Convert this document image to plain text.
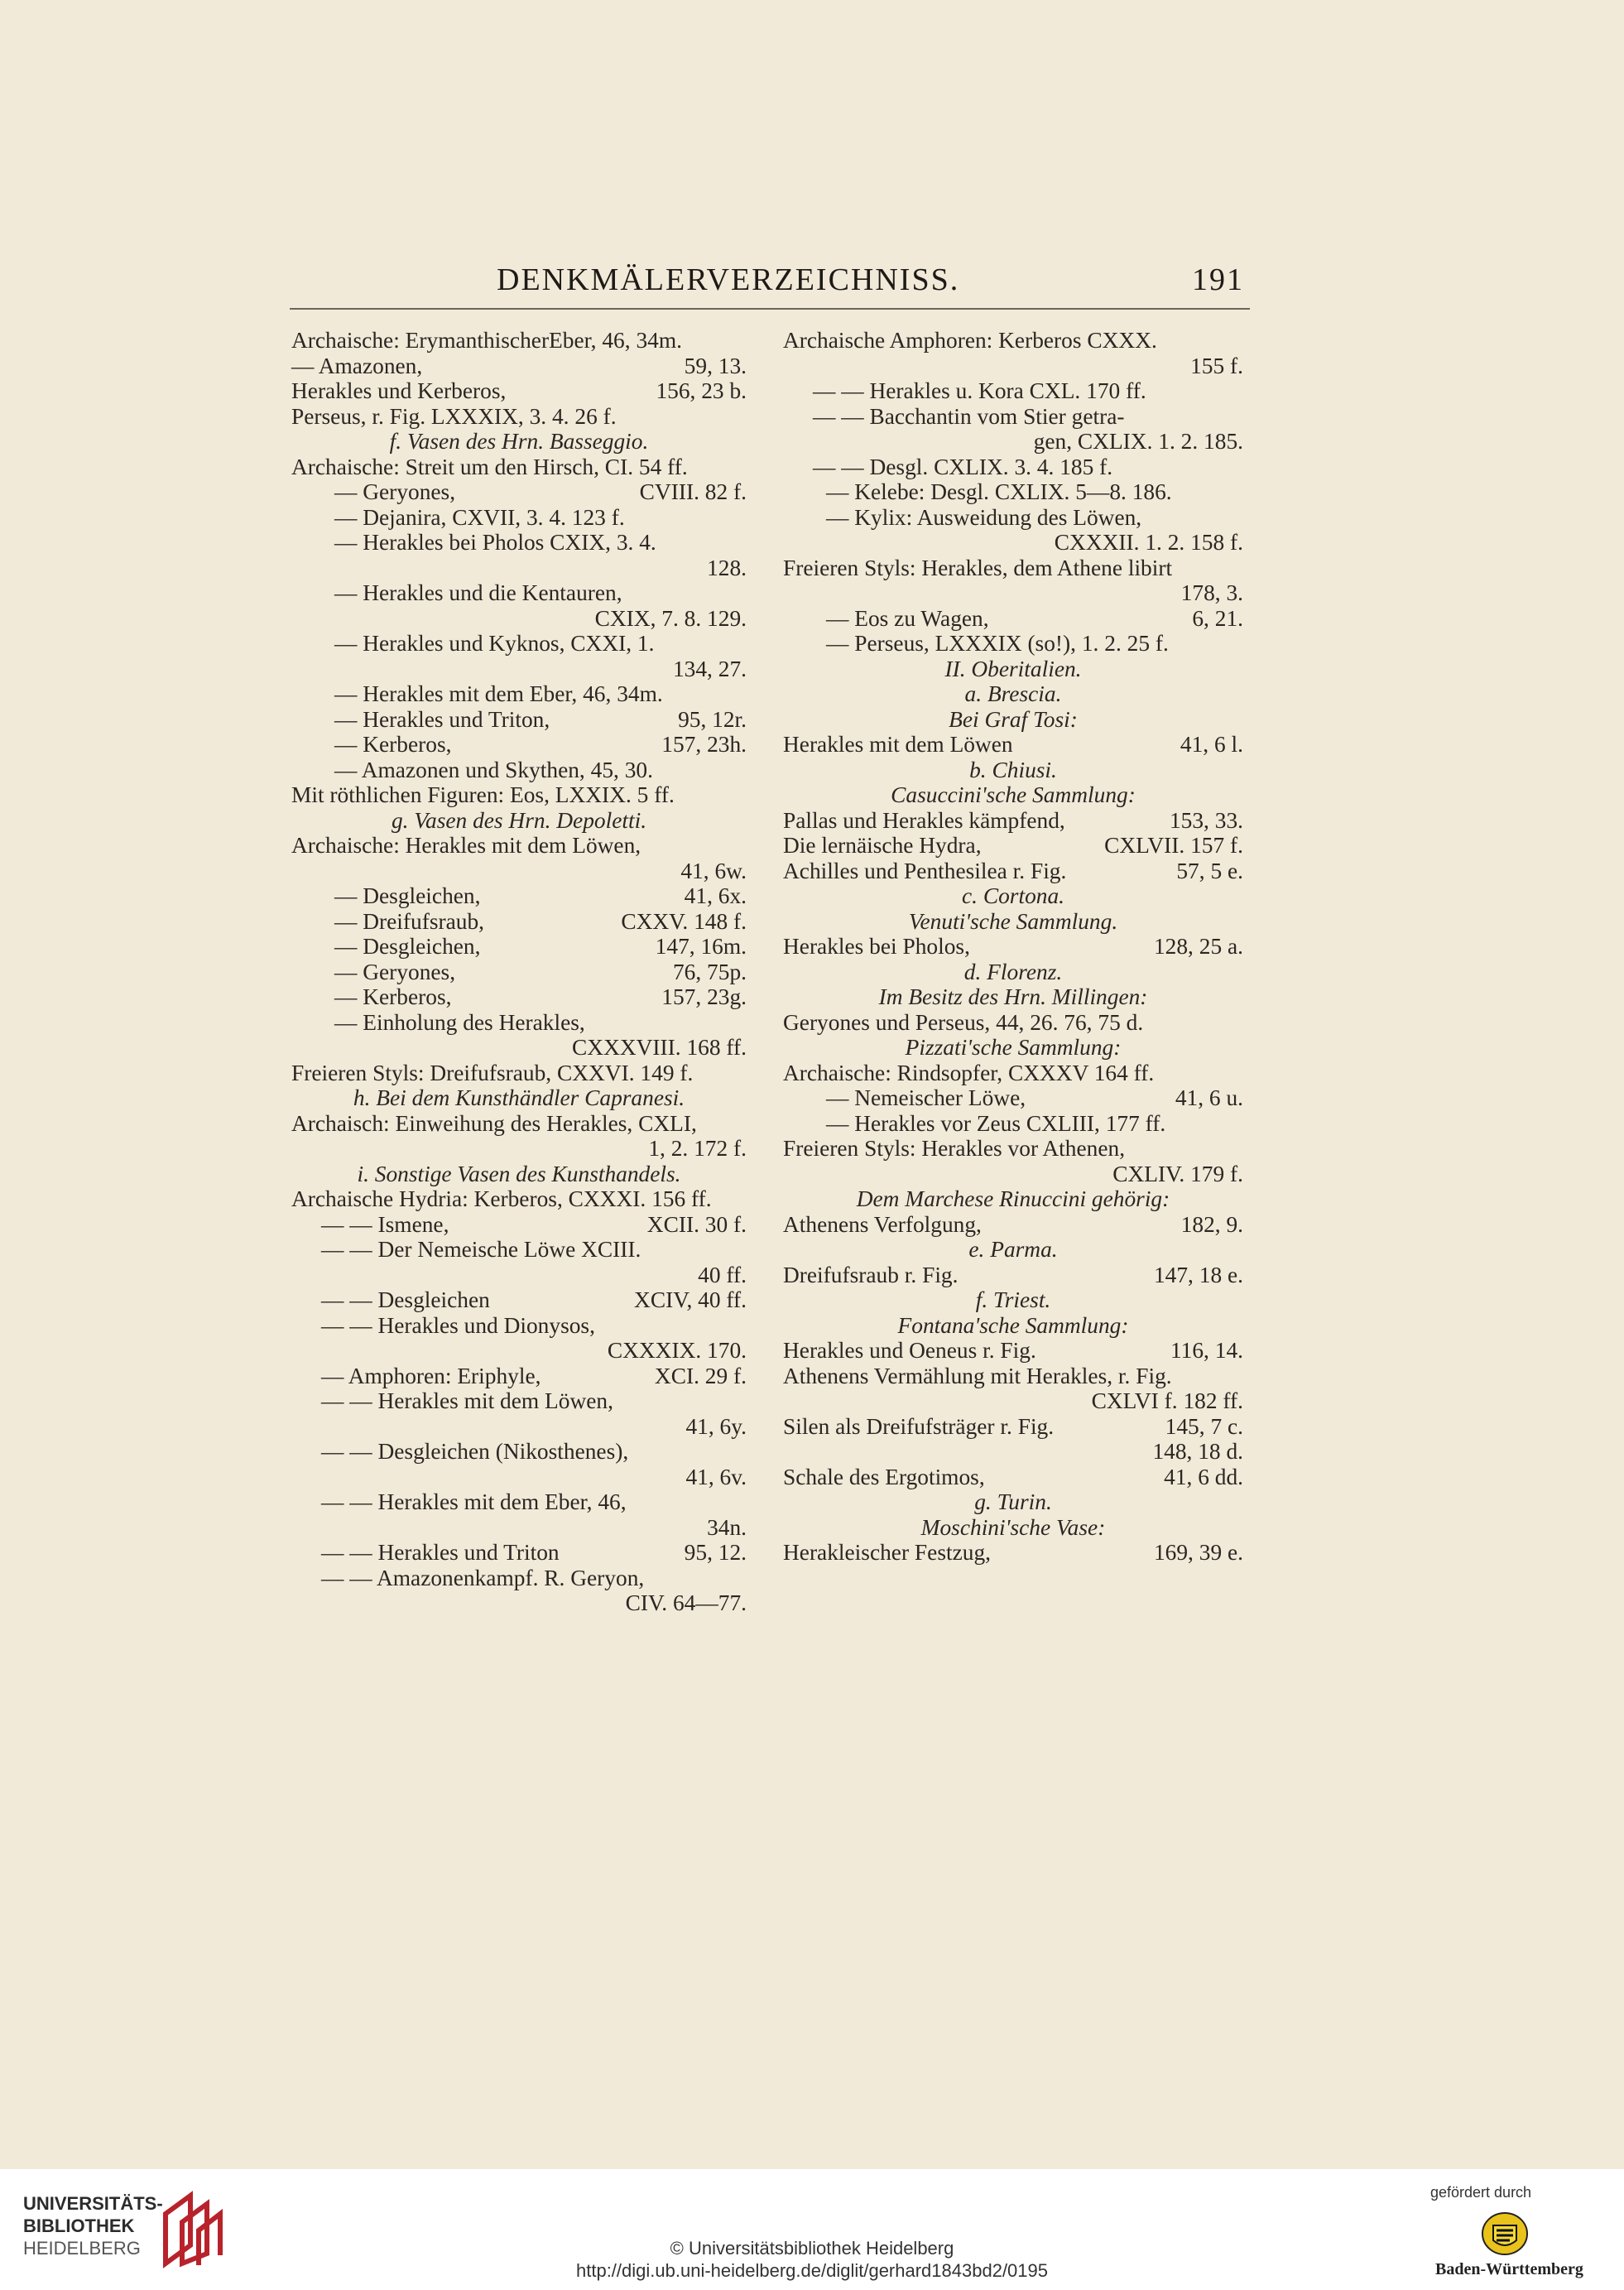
DENKMÄLERVERZEICHNISS.	191
Archaische: ErymanthischerEber, 46, 34m.
— Amazonen,	59, 13.
Herakles und Kerberos,	156, 23 b.
Perseus, r. Fig. LXXXIX, 3. 4. 26 f.
f. Vasen des Hrn. Basseggio.
Archaische: Streit um den Hirsch, CI. 54 ff.
— Geryones,	CVIII. 82 f.
— Dejanira, CXVII, 3. 4. 123 f.
— Herakles bei Pholos CXIX, 3. 4.
128.
— Herakles und die Kentauren,
CXIX, 7. 8. 129.
— Herakles und Kyknos, CXXI, 1.
134, 27.
— Herakles mit dem Eber, 46, 34m.
— Herakles und Triton,	95, 12r.
— Kerberos,	157, 23h.
— Amazonen und Skythen, 45, 30.
Mit röthlichen Figuren: Eos, LXXIX. 5 ff.
g. Vasen des Hrn. Depoletti.
Archaische: Herakles mit dem Löwen,
41, 6w.
— Desgleichen,	41, 6x.
— Dreifufsraub,	CXXV. 148 f.
— Desgleichen,	147, 16m.
— Geryones,	76, 75p.
— Kerberos,	157, 23g.
— Einholung des Herakles,
CXXXVIII. 168 ff.
Freieren Styls: Dreifufsraub, CXXVI. 149 f.
h. Bei dem Kunsthändler Capranesi.
Archaisch: Einweihung des Herakles, CXLI,
1, 2. 172 f.
i. Sonstige Vasen des Kunsthandels.
Archaische Hydria: Kerberos, CXXXI. 156 ff.
— — Ismene,	XCII. 30 f.
— — Der Nemeische Löwe XCIII.
40 ff.
— — Desgleichen	XCIV, 40 ff.
— — Herakles und Dionysos,
CXXXIX. 170.
— Amphoren: Eriphyle,	XCI. 29 f.
— — Herakles mit dem Löwen,
41, 6y.
— — Desgleichen (Nikosthenes),
41, 6v.
— — Herakles mit dem Eber, 46,
34n.
— — Herakles und Triton	95, 12.
— — Amazonenkampf. R. Geryon,
CIV. 64—77.
Archaische Amphoren: Kerberos CXXX.
155 f.
— — Herakles u. Kora CXL. 170 ff.
— — Bacchantin vom Stier getra-
gen, CXLIX. 1. 2. 185.
— — Desgl. CXLIX. 3. 4. 185 f.
— Kelebe: Desgl. CXLIX. 5—8. 186.
— Kylix: Ausweidung des Löwen,
CXXXII. 1. 2. 158 f.
Freieren Styls: Herakles, dem Athene libirt
178, 3.
— Eos zu Wagen,	6, 21.
— Perseus, LXXXIX (so!), 1. 2. 25 f.
II. Oberitalien.
a. Brescia.
Bei Graf Tosi:
Herakles mit dem Löwen	41, 6 l.
b. Chiusi.
Casuccini'sche Sammlung:
Pallas und Herakles kämpfend,	153, 33.
Die lernäische Hydra,	CXLVII. 157 f.
Achilles und Penthesilea r. Fig.	57, 5 e.
c. Cortona.
Venuti'sche Sammlung.
Herakles bei Pholos,	128, 25 a.
d. Florenz.
Im Besitz des Hrn. Millingen:
Geryones und Perseus, 44, 26. 76, 75 d.
Pizzati'sche Sammlung:
Archaische: Rindsopfer, CXXXV 164 ff.
— Nemeischer Löwe,	41, 6 u.
— Herakles vor Zeus CXLIII, 177 ff.
Freieren Styls: Herakles vor Athenen,
CXLIV. 179 f.
Dem Marchese Rinuccini gehörig:
Athenens Verfolgung,	182, 9.
e. Parma.
Dreifufsraub r. Fig.	147, 18 e.
f. Triest.
Fontana'sche Sammlung:
Herakles und Oeneus r. Fig.	116, 14.
Athenens Vermählung mit Herakles, r. Fig.
CXLVI f. 182 ff.
Silen als Dreifufsträger r. Fig.	145, 7 c.
148, 18 d.
Schale des Ergotimos,	41, 6 dd.
g. Turin.
Moschini'sche Vase:
Herakleischer Festzug,	169, 39 e.
UNIVERSITÄTS-
BIBLIOTHEK
HEIDELBERG	© Universitätsbibliothek Heidelberg
http://digi.ub.uni-heidelberg.de/diglit/gerhard1843bd2/0195
gefördert durch
Baden-Württemberg
